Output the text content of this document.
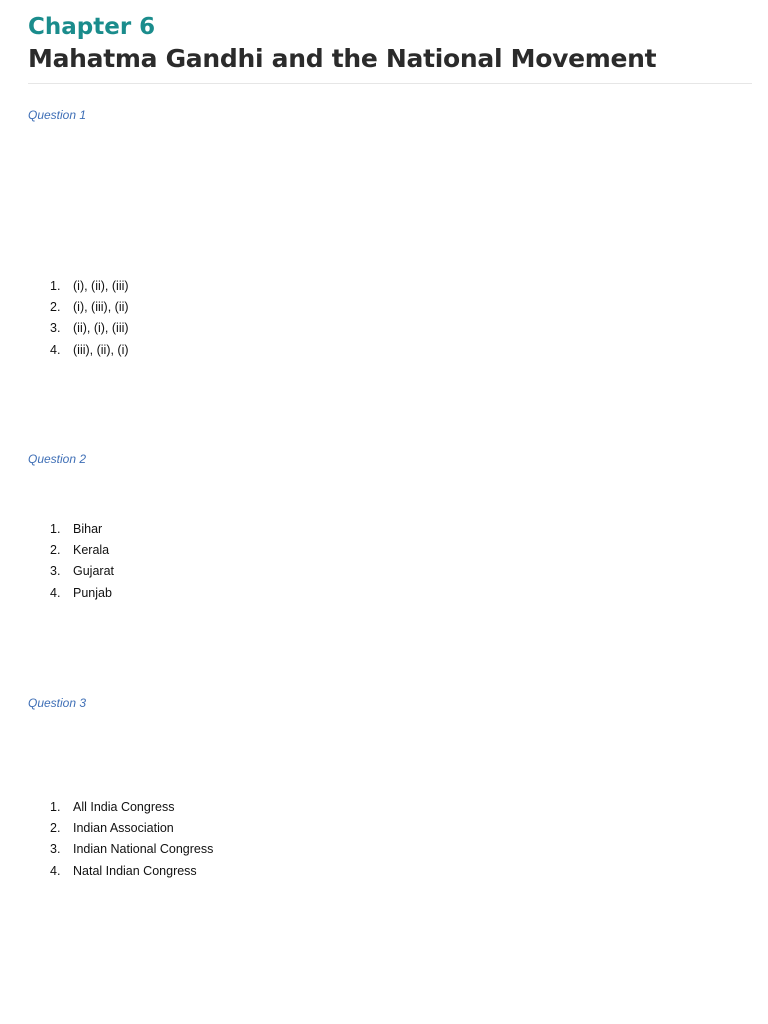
Chapter 6
Mahatma Gandhi and the National Movement
Question 1
1.	(i), (ii), (iii)
2.	(i), (iii), (ii)
3.	(ii), (i), (iii)
4.	(iii), (ii), (i)
Question 2
1.	Bihar
2.	Kerala
3.	Gujarat
4.	Punjab
Question 3
1.	All India Congress
2.	Indian Association
3.	Indian National Congress
4.	Natal Indian Congress
